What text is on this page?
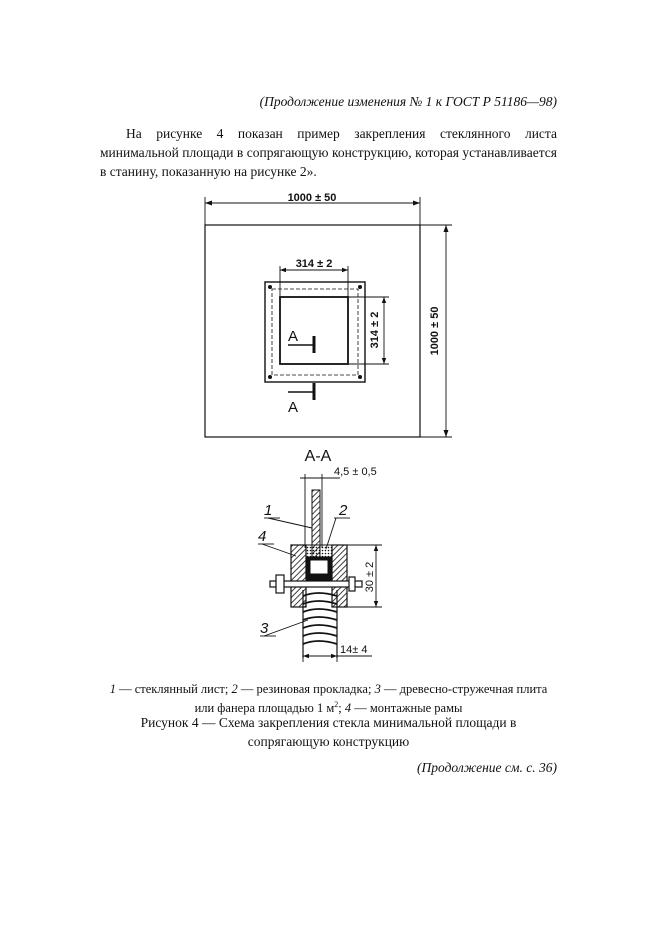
(Продолжение изменения № 1 к ГОСТ Р 51186—98)
На рисунке 4 показан пример закрепления стеклянного листа минимальной площади в сопрягающую конструкцию, которая устанавливается в станину, показанную на рисунке 2».
1000 ± 50
1000 ± 50
314 ± 2
314 ± 2
А
А
А-А
4,5 ± 0,5
30 ± 2
14± 4
1	2
4
3
1 — стеклянный лист; 2 — резиновая прокладка; 3 — древесно-стружечная плита или фанера площадью 1 $м^2$; 4 — монтажные рамы
Рисунок 4 — Схема закрепления стекла минимальной площади в сопрягающую конструкцию
(Продолжение см. с. 36)
